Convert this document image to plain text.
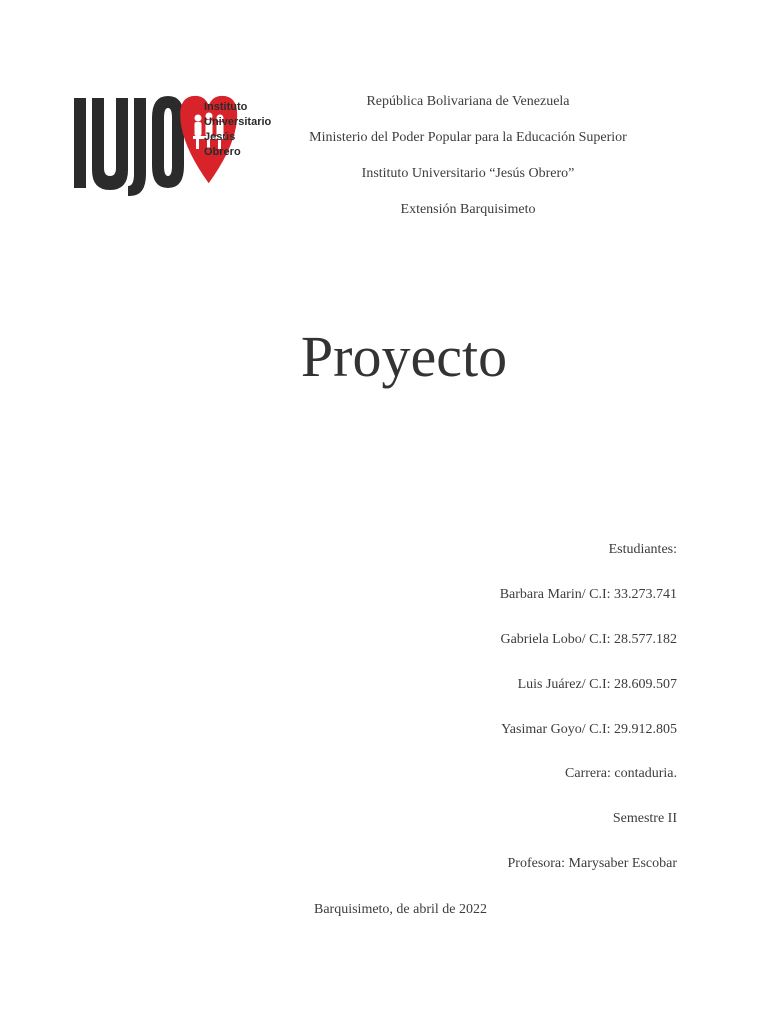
Instituto
Universitario
Jesús
Obrero
República Bolivariana de Venezuela
Ministerio del Poder Popular para la Educación Superior
Instituto Universitario “Jesús Obrero”
Extensión Barquisimeto
Proyecto
Estudiantes:
Barbara Marin/ C.I: 33.273.741
Gabriela Lobo/ C.I: 28.577.182
Luis Juárez/ C.I: 28.609.507
Yasimar Goyo/ C.I: 29.912.805
Carrera: contaduria.
Semestre II
Profesora: Marysaber Escobar
Barquisimeto, de abril de 2022
